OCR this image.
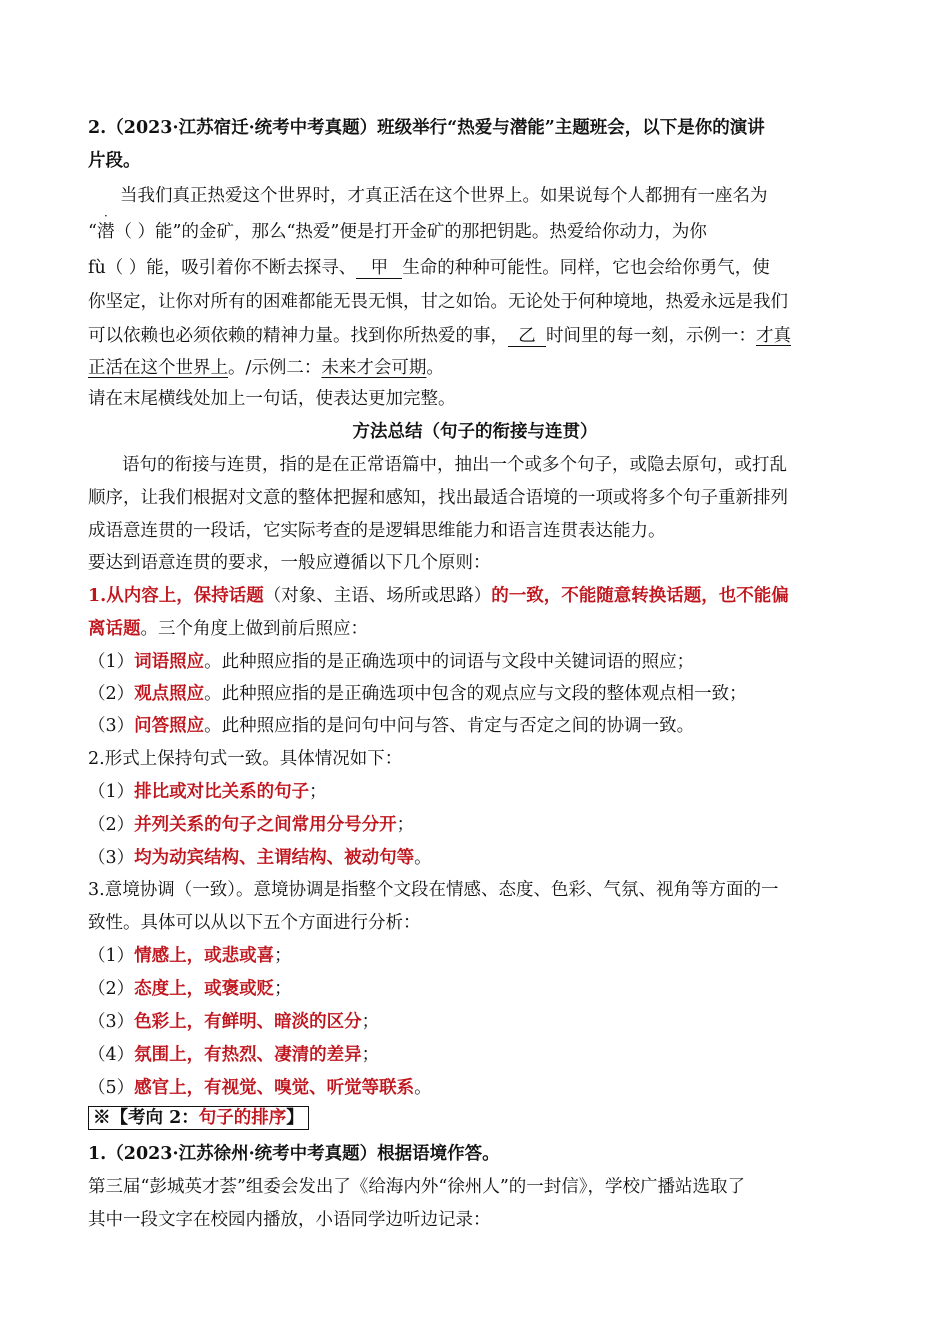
2.（2023·江苏宿迁·统考中考真题）班级举行“热爱与潜能”主题班会，以下是你的演讲
片段。
当我们真正热爱这个世界时，才真正活在这个世界上。如果说每个人都拥有一座名为
“
·
潜（ ）能”的金矿，那么“热爱”便是打开金矿的那把钥匙。热爱给你动力，为你
fù（ ）能，吸引着你不断去探寻、 甲 生命的种种可能性。同样，它也会给你勇气，使
你坚定，让你对所有的困难都能无畏无惧，甘之如饴。无论处于何种境地，热爱永远是我们
可以依赖也必须依赖的精神力量。找到你所热爱的事， 乙 时间里的每一刻，示例一：才真
正活在这个世界上。/示例二：未来才会可期。
请在末尾横线处加上一句话，使表达更加完整。
方法总结（句子的衔接与连贯）
语句的衔接与连贯，指的是在正常语篇中，抽出一个或多个句子，或隐去原句，或打乱
顺序，让我们根据对文意的整体把握和感知，找出最适合语境的一项或将多个句子重新排列
成语意连贯的一段话，它实际考查的是逻辑思维能力和语言连贯表达能力。
要达到语意连贯的要求，一般应遵循以下几个原则：
1.从内容上，保持话题（对象、主语、场所或思路）的一致，不能随意转换话题，也不能偏
离话题。三个角度上做到前后照应：
（1）词语照应。此种照应指的是正确选项中的词语与文段中关键词语的照应；
（2）观点照应。此种照应指的是正确选项中包含的观点应与文段的整体观点相一致；
（3）问答照应。此种照应指的是问句中问与答、肯定与否定之间的协调一致。
2.形式上保持句式一致。具体情况如下：
（1）排比或对比关系的句子；
（2）并列关系的句子之间常用分号分开；
（3）均为动宾结构、主谓结构、被动句等。
3.意境协调（一致）。意境协调是指整个文段在情感、态度、色彩、气氛、视角等方面的一
致性。具体可以从以下五个方面进行分析：
（1）情感上，或悲或喜；
（2）态度上，或褒或贬；
（3）色彩上，有鲜明、暗淡的区分；
（4）氛围上，有热烈、凄清的差异；
（5）感官上，有视觉、嗅觉、听觉等联系。
※【考向 2：句子的排序】
1.（2023·江苏徐州·统考中考真题）根据语境作答。
第三届“彭城英才荟”组委会发出了《给海内外“徐州人”的一封信》，学校广播站选取了
其中一段文字在校园内播放，小语同学边听边记录：
